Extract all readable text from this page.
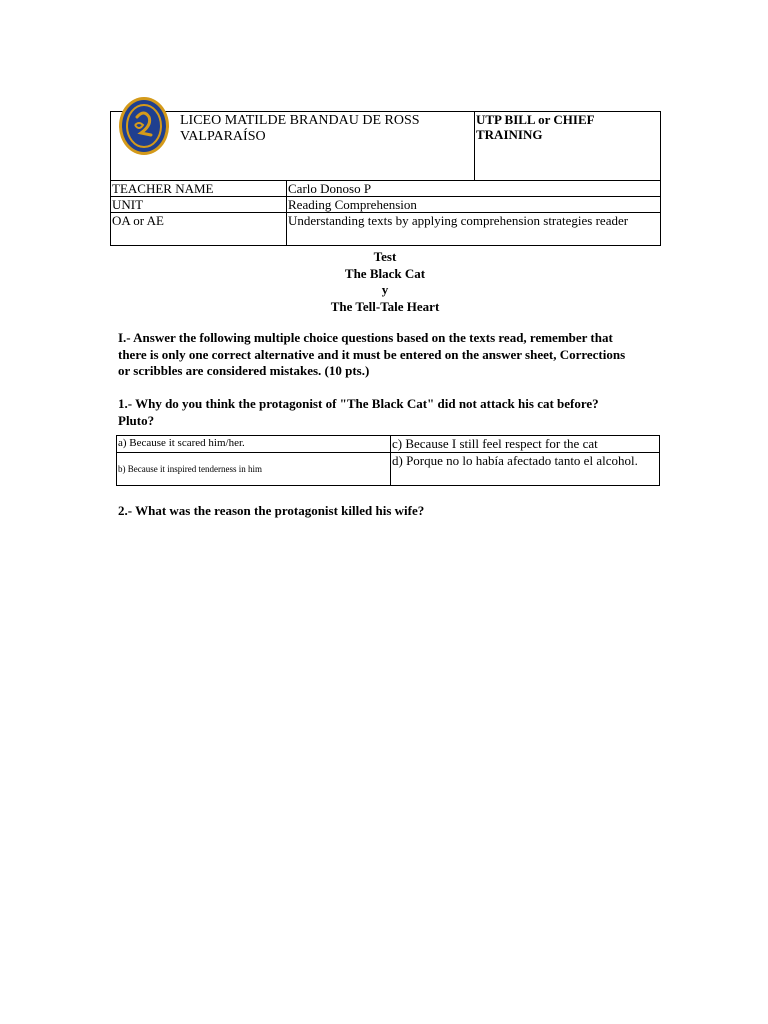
LICEO MATILDE BRANDAU DE ROSS
VALPARAÍSO		UTP BILL or CHIEF TRAINING
TEACHER NAME	Carlo Donoso P	
UNIT	Reading Comprehension	
OA or AE	Understanding texts by applying comprehension strategies reader	
Test
The Black Cat
y
The Tell-Tale Heart
I.- Answer the following multiple choice questions based on the texts read, remember that there is only one correct alternative and it must be entered on the answer sheet, Corrections or scribbles are considered mistakes. (10 pts.)
1.- Why do you think the protagonist of "The Black Cat" did not attack his cat before? Pluto?
a) Because it scared him/her.	c) Because I still feel respect for the cat
b) Because it inspired tenderness in him	d) Porque no lo había afectado tanto el alcohol.
2.- What was the reason the protagonist killed his wife?
